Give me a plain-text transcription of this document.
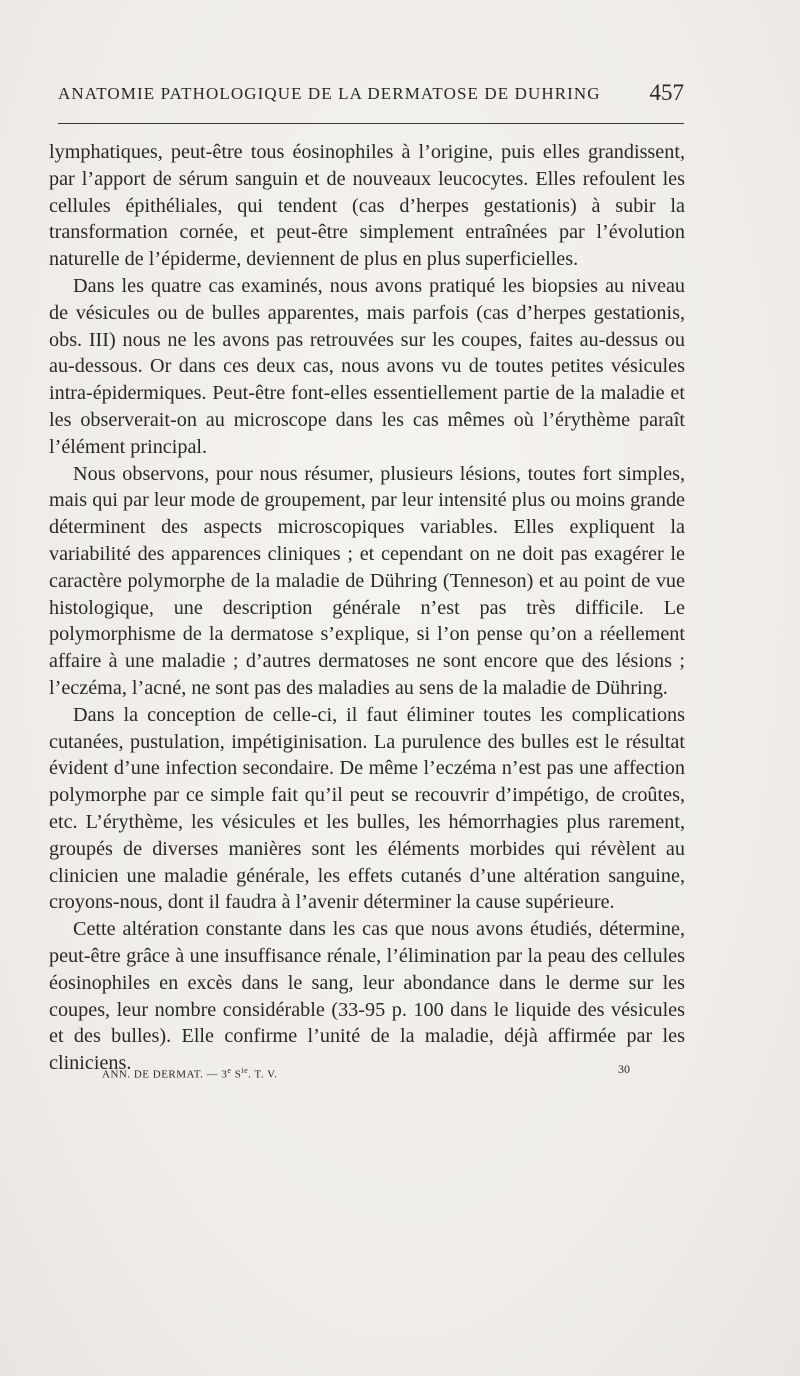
ANATOMIE PATHOLOGIQUE DE LA DERMATOSE DE DUHRING 457

lymphatiques, peut-être tous éosinophiles à l’origine, puis elles grandissent, par l’apport de sérum sanguin et de nouveaux leucocytes. Elles refoulent les cellules épithéliales, qui tendent (cas d’herpes gestationis) à subir la transformation cornée, et peut-être simplement entraînées par l’évolution naturelle de l’épiderme, deviennent de plus en plus superficielles.

Dans les quatre cas examinés, nous avons pratiqué les biopsies au niveau de vésicules ou de bulles apparentes, mais parfois (cas d’herpes gestationis, obs. III) nous ne les avons pas retrouvées sur les coupes, faites au-dessus ou au-dessous. Or dans ces deux cas, nous avons vu de toutes petites vésicules intra-épidermiques. Peut-être font-elles essentiellement partie de la maladie et les observerait-on au microscope dans les cas mêmes où l’érythème paraît l’élément principal.

Nous observons, pour nous résumer, plusieurs lésions, toutes fort simples, mais qui par leur mode de groupement, par leur intensité plus ou moins grande déterminent des aspects microscopiques variables. Elles expliquent la variabilité des apparences cliniques ; et cependant on ne doit pas exagérer le caractère polymorphe de la maladie de Dühring (Tenneson) et au point de vue histologique, une description générale n’est pas très difficile. Le polymorphisme de la dermatose s’explique, si l’on pense qu’on a réellement affaire à une maladie ; d’autres dermatoses ne sont encore que des lésions ; l’eczéma, l’acné, ne sont pas des maladies au sens de la maladie de Dühring.

Dans la conception de celle-ci, il faut éliminer toutes les complications cutanées, pustulation, impétiginisation. La purulence des bulles est le résultat évident d’une infection secondaire. De même l’eczéma n’est pas une affection polymorphe par ce simple fait qu’il peut se recouvrir d’impétigo, de croûtes, etc. L’érythème, les vésicules et les bulles, les hémorrhagies plus rarement, groupés de diverses manières sont les éléments morbides qui révèlent au clinicien une maladie générale, les effets cutanés d’une altération sanguine, croyons-nous, dont il faudra à l’avenir déterminer la cause supérieure.

Cette altération constante dans les cas que nous avons étudiés, détermine, peut-être grâce à une insuffisance rénale, l’élimination par la peau des cellules éosinophiles en excès dans le sang, leur abondance dans le derme sur les coupes, leur nombre considérable (33-95 p. 100 dans le liquide des vésicules et des bulles). Elle confirme l’unité de la maladie, déjà affirmée par les cliniciens.

ANN. DE DERMAT. — 3e $S^{ie}$. T. V.	30
